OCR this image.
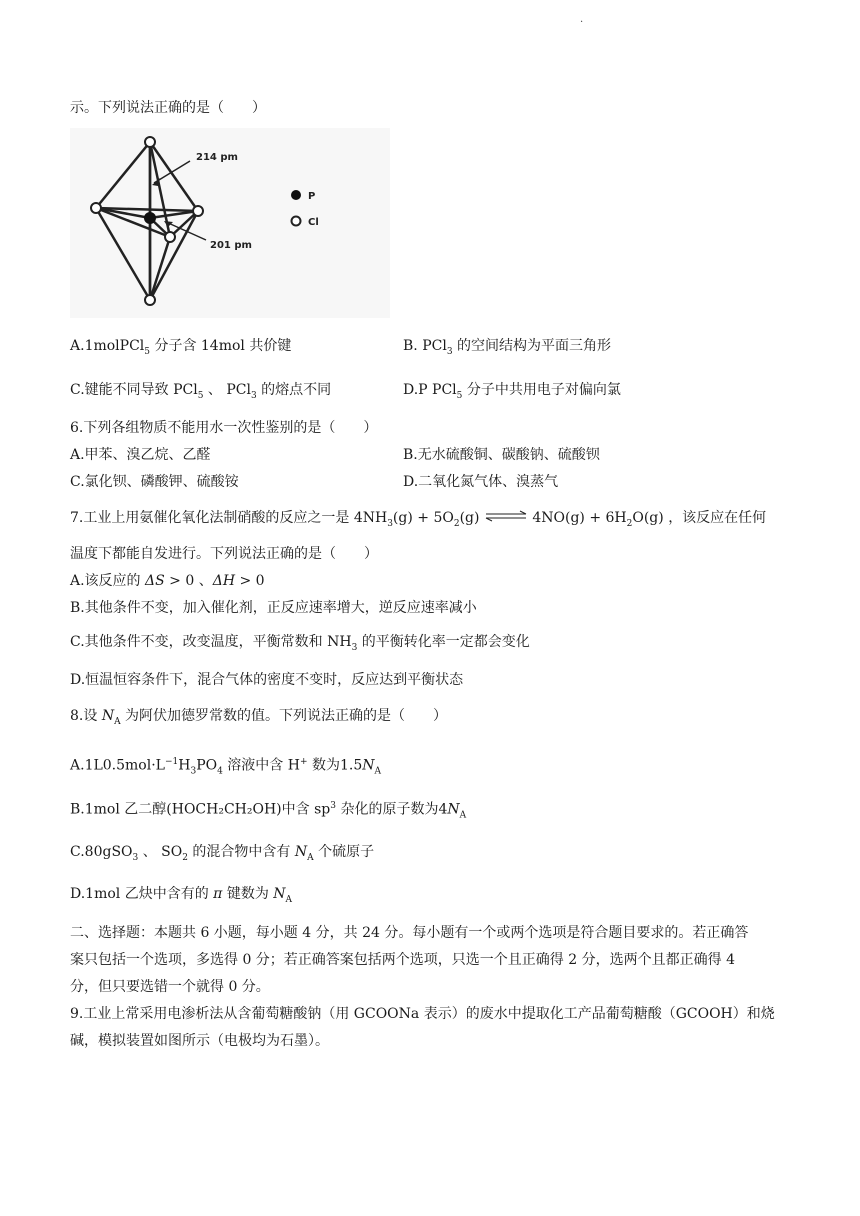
.
示。下列说法正确的是（　　）
214 pm
201 pm
P
Cl
A.1molPCl$_5$ 分子含 14mol 共价键	B. PCl$_3$ 的空间结构为平面三角形
C.键能不同导致 PCl$_5$ 、 PCl$_3$ 的熔点不同	D.P PCl$_5$ 分子中共用电子对偏向氯
6.下列各组物质不能用水一次性鉴别的是（　　）
A.甲苯、溴乙烷、乙醛	B.无水硫酸铜、碳酸钠、硫酸钡
C.氯化钡、磷酸钾、硫酸铵	D.二氧化氮气体、溴蒸气
7.工业上用氨催化氧化法制硝酸的反应之一是 $4NH_3(g) + 5O_2(g)$ ⇌ $4NO(g) + 6H_2O(g)$ ，该反应在任何
温度下都能自发进行。下列说法正确的是（　　）
A.该反应的 ΔS > 0 、ΔH > 0
B.其他条件不变，加入催化剂，正反应速率增大，逆反应速率减小
C.其他条件不变，改变温度，平衡常数和 $NH_3$ 的平衡转化率一定都会变化
D.恒温恒容条件下，混合气体的密度不变时，反应达到平衡状态
8.设 $N_A$ 为阿伏加德罗常数的值。下列说法正确的是（　　）
$A.1L0.5mol\cdot L^{-1}H_3PO_4$ 溶液中含 H+ 数为$1.5N_A$
B.1mol 乙二醇(HOCH₂CH₂OH)中含 $sp^3$ 杂化的原子数为$4N_A$
C.80gSO$_3$ 、 $SO_2$ 的混合物中含有 $N_A$ 个硫原子
D.1mol 乙炔中含有的 π 键数为 $N_A$
二、选择题：本题共 6 小题，每小题 4 分，共 24 分。每小题有一个或两个选项是符合题目要求的。若正确答
案只包括一个选项，多选得 0 分；若正确答案包括两个选项，只选一个且正确得 2 分，选两个且都正确得 4
分，但只要选错一个就得 0 分。
9.工业上常采用电渗析法从含葡萄糖酸钠（用 GCOONa 表示）的废水中提取化工产品葡萄糖酸（GCOOH）和烧
碱，模拟装置如图所示（电极均为石墨）。
